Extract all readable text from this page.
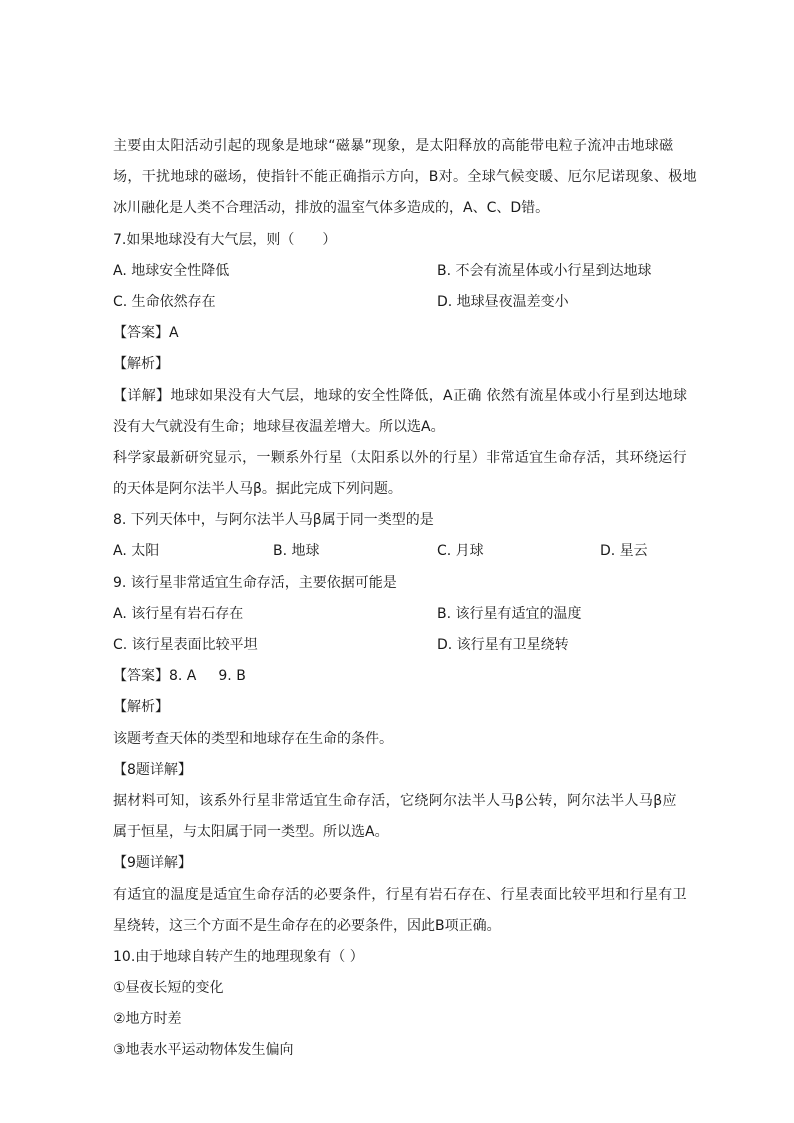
主要由太阳活动引起的现象是地球“磁暴”现象，是太阳释放的高能带电粒子流冲击地球磁
场，干扰地球的磁场，使指针不能正确指示方向，B对。全球气候变暖、厄尔尼诺现象、极地
冰川融化是人类不合理活动，排放的温室气体多造成的，A、C、D错。
7.如果地球没有大气层，则（　　）
A. 地球安全性降低	B. 不会有流星体或小行星到达地球
C. 生命依然存在	D. 地球昼夜温差变小
【答案】A
【解析】
【详解】地球如果没有大气层，地球的安全性降低，A正确 依然有流星体或小行星到达地球
没有大气就没有生命；地球昼夜温差增大。所以选A。
科学家最新研究显示，一颗系外行星（太阳系以外的行星）非常适宜生命存活，其环绕运行
的天体是阿尔法半人马β。据此完成下列问题。
8. 下列天体中，与阿尔法半人马β属于同一类型的是
A. 太阳	B. 地球	C. 月球	D. 星云
9. 该行星非常适宜生命存活，主要依据可能是
A. 该行星有岩石存在	B. 该行星有适宜的温度
C. 该行星表面比较平坦	D. 该行星有卫星绕转
【答案】8. A 9. B
【解析】
该题考查天体的类型和地球存在生命的条件。
【8题详解】
据材料可知，该系外行星非常适宜生命存活，它绕阿尔法半人马β公转，阿尔法半人马β应
属于恒星，与太阳属于同一类型。所以选A。
【9题详解】
有适宜的温度是适宜生命存活的必要条件，行星有岩石存在、行星表面比较平坦和行星有卫
星绕转，这三个方面不是生命存在的必要条件，因此B项正确。
10.由于地球自转产生的地理现象有（ ）
①昼夜长短的变化
②地方时差
③地表水平运动物体发生偏向
